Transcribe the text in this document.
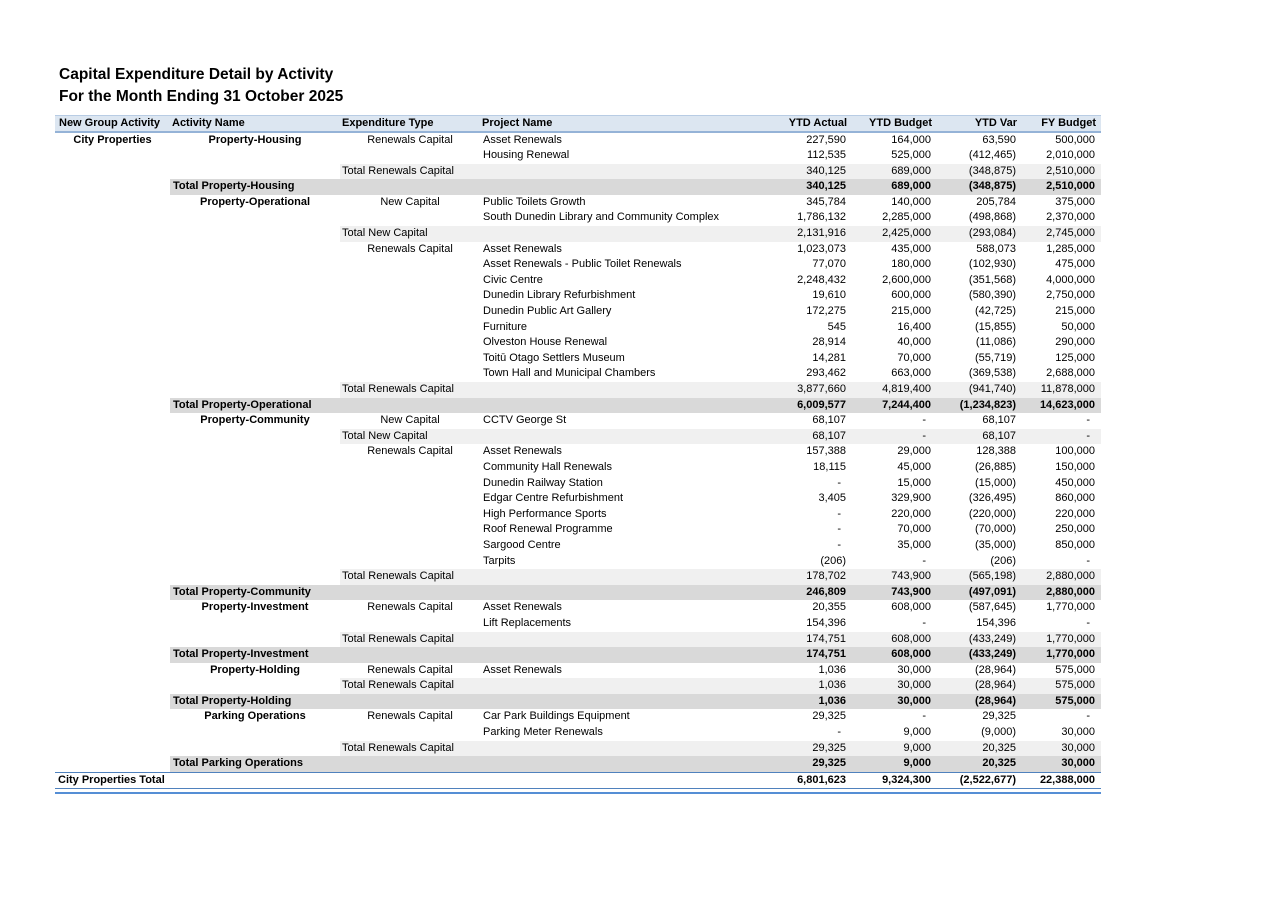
Capital Expenditure Detail by Activity
For the Month Ending 31 October 2025
New Group Activity	Activity Name	Expenditure Type	Project Name	YTD Actual	YTD Budget	YTD Var	FY Budget
City Properties	Property-Housing	Renewals Capital	Asset Renewals	227,590	164,000	63,590	500,000
			Housing Renewal	112,535	525,000	(412,465)	2,010,000
		Total Renewals Capital		340,125	689,000	(348,875)	2,510,000
	Total Property-Housing			340,125	689,000	(348,875)	2,510,000
	Property-Operational	New Capital	Public Toilets Growth	345,784	140,000	205,784	375,000
			South Dunedin Library and Community Complex	1,786,132	2,285,000	(498,868)	2,370,000
		Total New Capital		2,131,916	2,425,000	(293,084)	2,745,000
		Renewals Capital	Asset Renewals	1,023,073	435,000	588,073	1,285,000
			Asset Renewals - Public Toilet Renewals	77,070	180,000	(102,930)	475,000
			Civic Centre	2,248,432	2,600,000	(351,568)	4,000,000
			Dunedin Library Refurbishment	19,610	600,000	(580,390)	2,750,000
			Dunedin Public Art Gallery	172,275	215,000	(42,725)	215,000
			Furniture	545	16,400	(15,855)	50,000
			Olveston House Renewal	28,914	40,000	(11,086)	290,000
			Toitū Otago Settlers Museum	14,281	70,000	(55,719)	125,000
			Town Hall and Municipal Chambers	293,462	663,000	(369,538)	2,688,000
		Total Renewals Capital		3,877,660	4,819,400	(941,740)	11,878,000
	Total Property-Operational			6,009,577	7,244,400	(1,234,823)	14,623,000
	Property-Community	New Capital	CCTV George St	68,107	-	68,107	-
		Total New Capital		68,107	-	68,107	-
		Renewals Capital	Asset Renewals	157,388	29,000	128,388	100,000
			Community Hall Renewals	18,115	45,000	(26,885)	150,000
			Dunedin Railway Station	-	15,000	(15,000)	450,000
			Edgar Centre Refurbishment	3,405	329,900	(326,495)	860,000
			High Performance Sports	-	220,000	(220,000)	220,000
			Roof Renewal Programme	-	70,000	(70,000)	250,000
			Sargood Centre	-	35,000	(35,000)	850,000
			Tarpits	(206)	-	(206)	-
		Total Renewals Capital		178,702	743,900	(565,198)	2,880,000
	Total Property-Community			246,809	743,900	(497,091)	2,880,000
	Property-Investment	Renewals Capital	Asset Renewals	20,355	608,000	(587,645)	1,770,000
			Lift Replacements	154,396	-	154,396	-
		Total Renewals Capital		174,751	608,000	(433,249)	1,770,000
	Total Property-Investment			174,751	608,000	(433,249)	1,770,000
	Property-Holding	Renewals Capital	Asset Renewals	1,036	30,000	(28,964)	575,000
		Total Renewals Capital		1,036	30,000	(28,964)	575,000
	Total Property-Holding			1,036	30,000	(28,964)	575,000
	Parking Operations	Renewals Capital	Car Park Buildings Equipment	29,325	-	29,325	-
			Parking Meter Renewals	-	9,000	(9,000)	30,000
		Total Renewals Capital		29,325	9,000	20,325	30,000
	Total Parking Operations			29,325	9,000	20,325	30,000
City Properties Total				6,801,623	9,324,300	(2,522,677)	22,388,000
